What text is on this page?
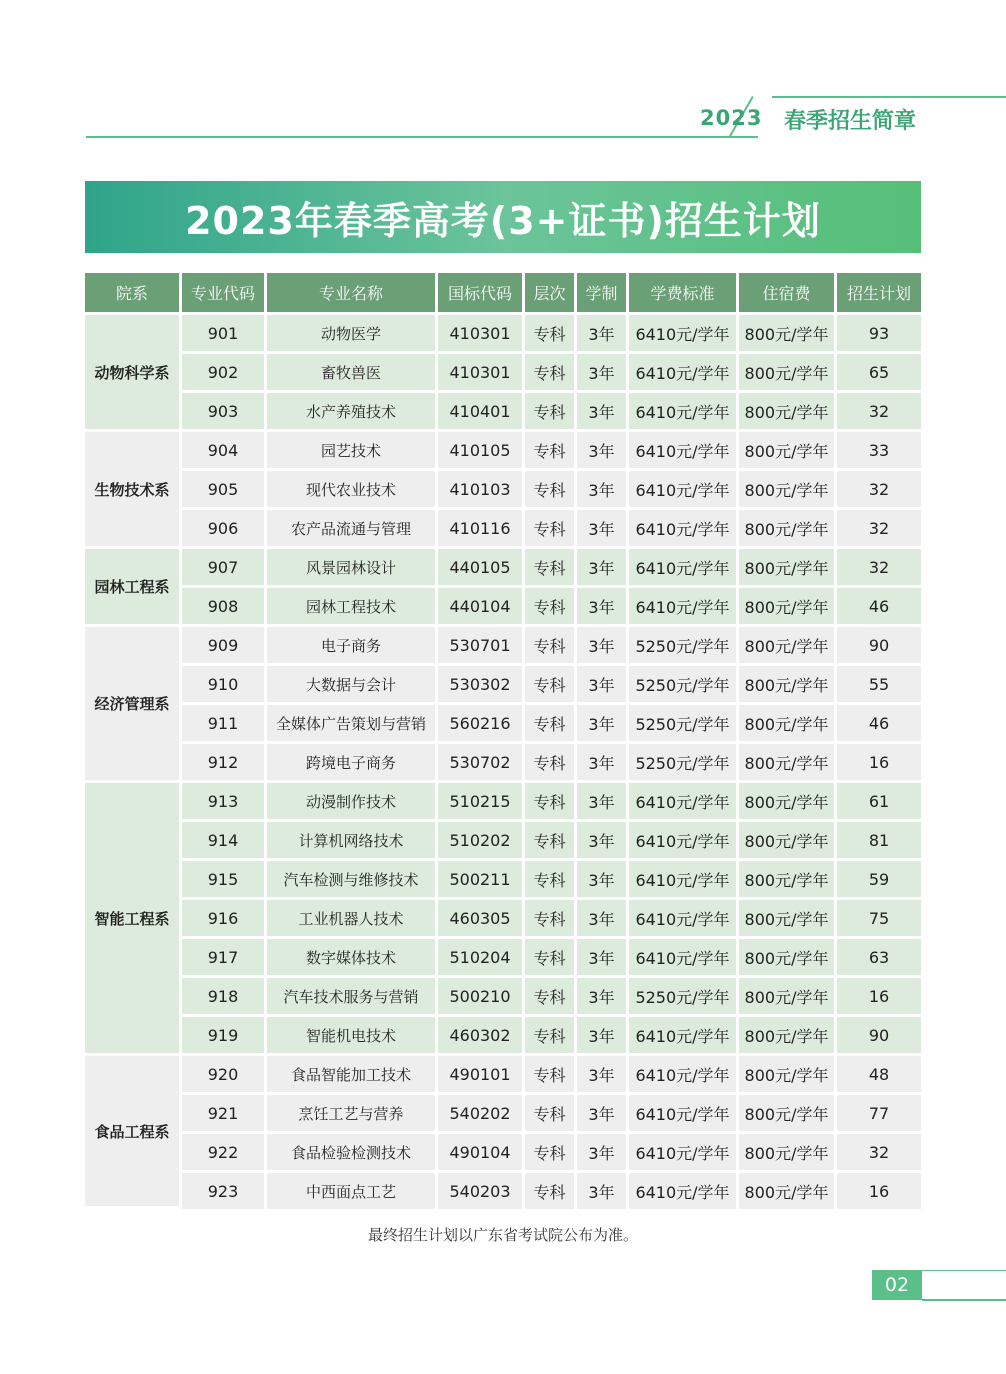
2023 春季招生简章
2023年春季高考(3+证书)招生计划
院系	专业代码	专业名称	国标代码	层次	学制	学费标准	住宿费	招生计划
动物科学系	901	动物医学	410301	专科	3年	6410元/学年	800元/学年	93
	902	畜牧兽医	410301	专科	3年	6410元/学年	800元/学年	65
	903	水产养殖技术	410401	专科	3年	6410元/学年	800元/学年	32
生物技术系	904	园艺技术	410105	专科	3年	6410元/学年	800元/学年	33
	905	现代农业技术	410103	专科	3年	6410元/学年	800元/学年	32
	906	农产品流通与管理	410116	专科	3年	6410元/学年	800元/学年	32
园林工程系	907	风景园林设计	440105	专科	3年	6410元/学年	800元/学年	32
	908	园林工程技术	440104	专科	3年	6410元/学年	800元/学年	46
经济管理系	909	电子商务	530701	专科	3年	5250元/学年	800元/学年	90
	910	大数据与会计	530302	专科	3年	5250元/学年	800元/学年	55
	911	全媒体广告策划与营销	560216	专科	3年	5250元/学年	800元/学年	46
	912	跨境电子商务	530702	专科	3年	5250元/学年	800元/学年	16
智能工程系	913	动漫制作技术	510215	专科	3年	6410元/学年	800元/学年	61
	914	计算机网络技术	510202	专科	3年	6410元/学年	800元/学年	81
	915	汽车检测与维修技术	500211	专科	3年	6410元/学年	800元/学年	59
	916	工业机器人技术	460305	专科	3年	6410元/学年	800元/学年	75
	917	数字媒体技术	510204	专科	3年	6410元/学年	800元/学年	63
	918	汽车技术服务与营销	500210	专科	3年	5250元/学年	800元/学年	16
	919	智能机电技术	460302	专科	3年	6410元/学年	800元/学年	90
食品工程系	920	食品智能加工技术	490101	专科	3年	6410元/学年	800元/学年	48
	921	烹饪工艺与营养	540202	专科	3年	6410元/学年	800元/学年	77
	922	食品检验检测技术	490104	专科	3年	6410元/学年	800元/学年	32
	923	中西面点工艺	540203	专科	3年	6410元/学年	800元/学年	16
最终招生计划以广东省考试院公布为准。
02
